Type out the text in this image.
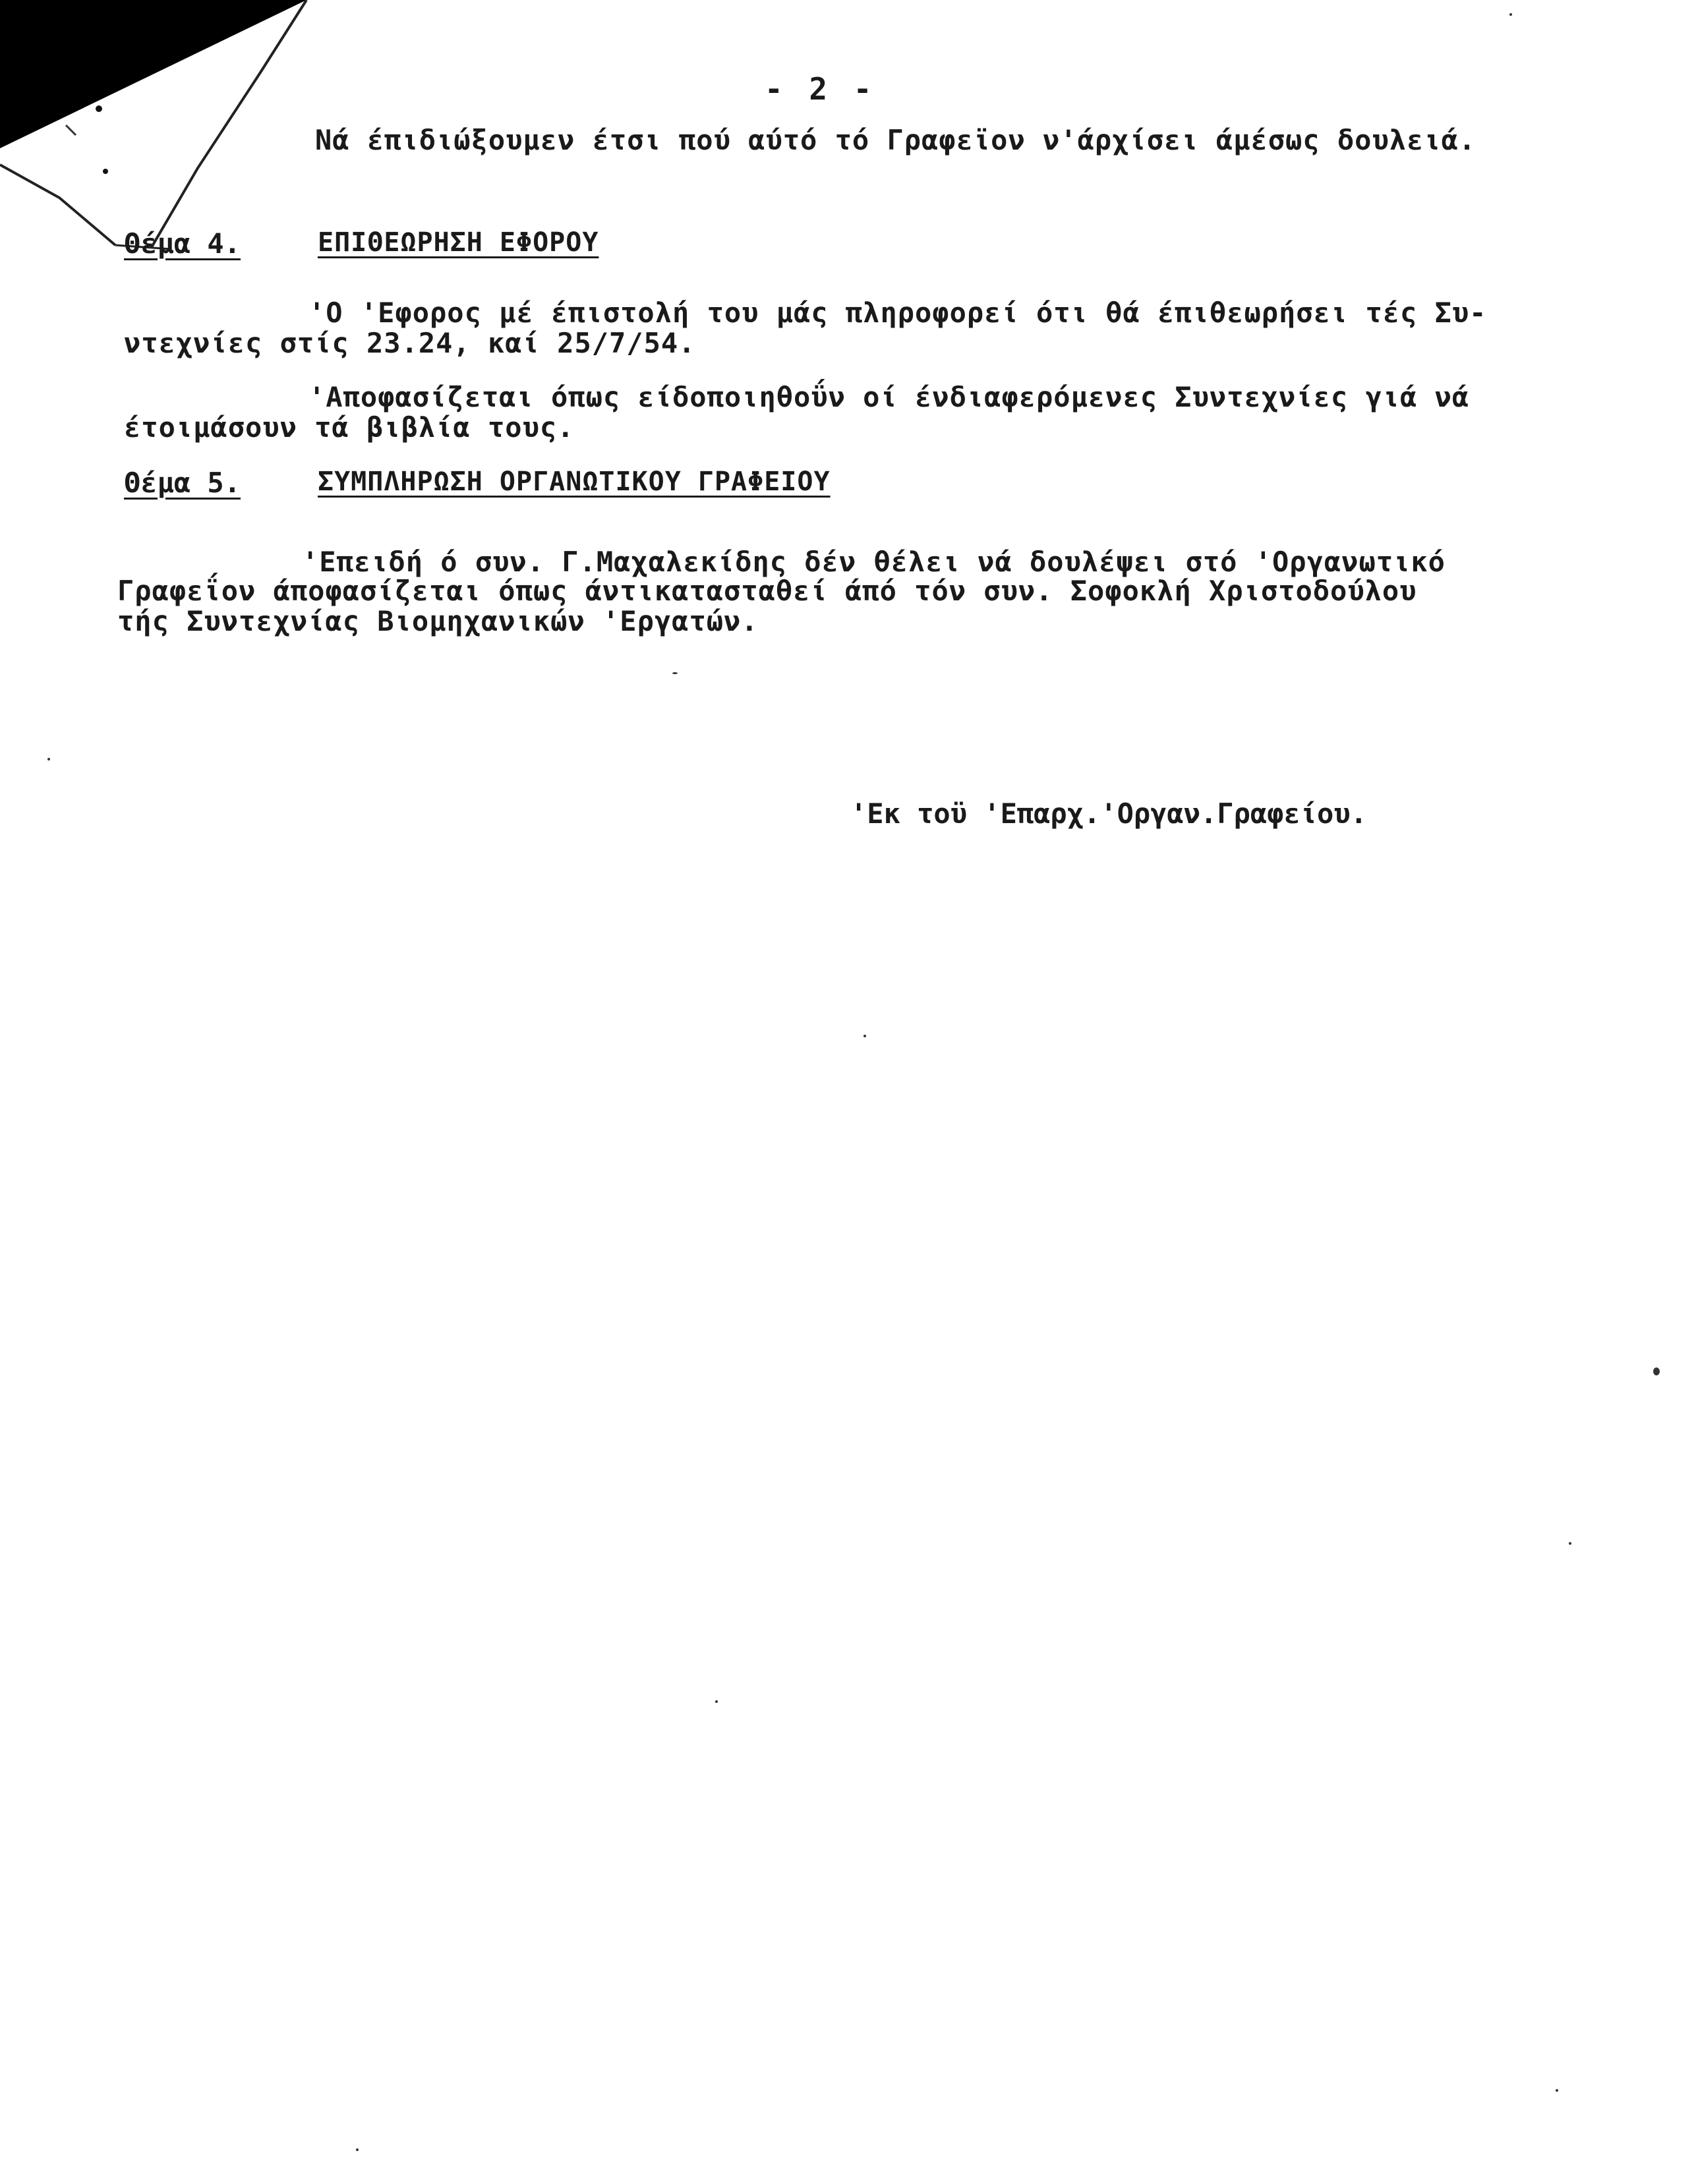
- 2 -
Νά έπιδιώξουμεν έτσι πού αύτό τό Γραφεϊον ν'άρχίσει άμέσως δουλειά.
Θέμα 4.	ΕΠΙΘΕΩΡΗΣΗ ΕΦΟΡΟΥ
'Ο 'Εφορος μέ έπιστολή του μάς πληροφορεί ότι θά έπιθεωρήσει τές Συ-
ντεχνίες στίς 23.24, καί 25/7/54.
'Αποφασίζεται όπως είδοποιηθοΰν οί ένδιαφερόμενες Συντεχνίες γιά νά
έτοιμάσουν τά βιβλία τους.
Θέμα 5.	ΣΥΜΠΛΗΡΩΣΗ ΟΡΓΑΝΩΤΙΚΟΥ ΓΡΑΦΕΙΟΥ
'Επειδή ό συν. Γ.Μαχαλεκίδης δέν θέλει νά δουλέψει στό 'Οργανωτικό
Γραφεΐον άποφασίζεται όπως άντικατασταθεί άπό τόν συν. Σοφοκλή Χριστοδούλου
τής Συντεχνίας Βιομηχανικών 'Εργατών.
'Εκ τοϋ 'Επαρχ.'Οργαν.Γραφείου.
